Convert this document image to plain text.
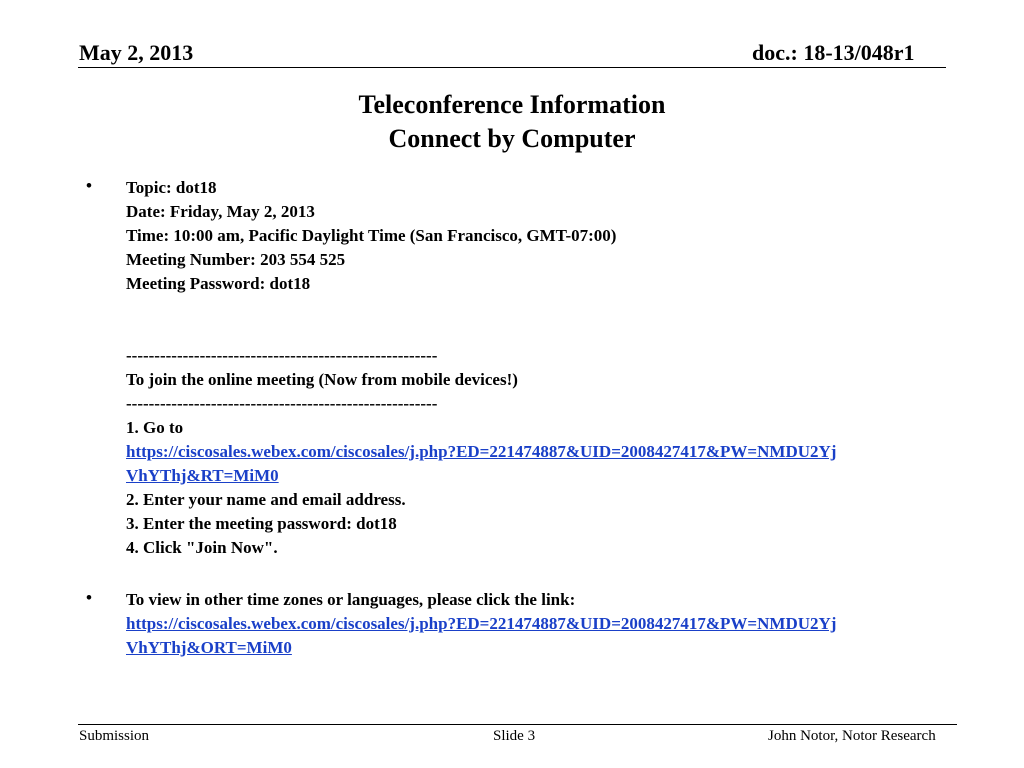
May 2, 2013	doc.: 18-13/048r1
Teleconference Information
Connect by Computer
• Topic: dot18
Date: Friday, May 2, 2013
Time: 10:00 am, Pacific Daylight Time (San Francisco, GMT-07:00)
Meeting Number: 203 554 525
Meeting Password: dot18
-------------------------------------------------------
To join the online meeting (Now from mobile devices!)
-------------------------------------------------------
1. Go to
https://ciscosales.webex.com/ciscosales/j.php?ED=221474887&UID=2008427417&PW=NMDU2Yj
VhYThj&RT=MiM0
2. Enter your name and email address.
3. Enter the meeting password: dot18
4. Click "Join Now".
• To view in other time zones or languages, please click the link:
https://ciscosales.webex.com/ciscosales/j.php?ED=221474887&UID=2008427417&PW=NMDU2Yj
VhYThj&ORT=MiM0
Submission	Slide 3	John Notor, Notor Research
